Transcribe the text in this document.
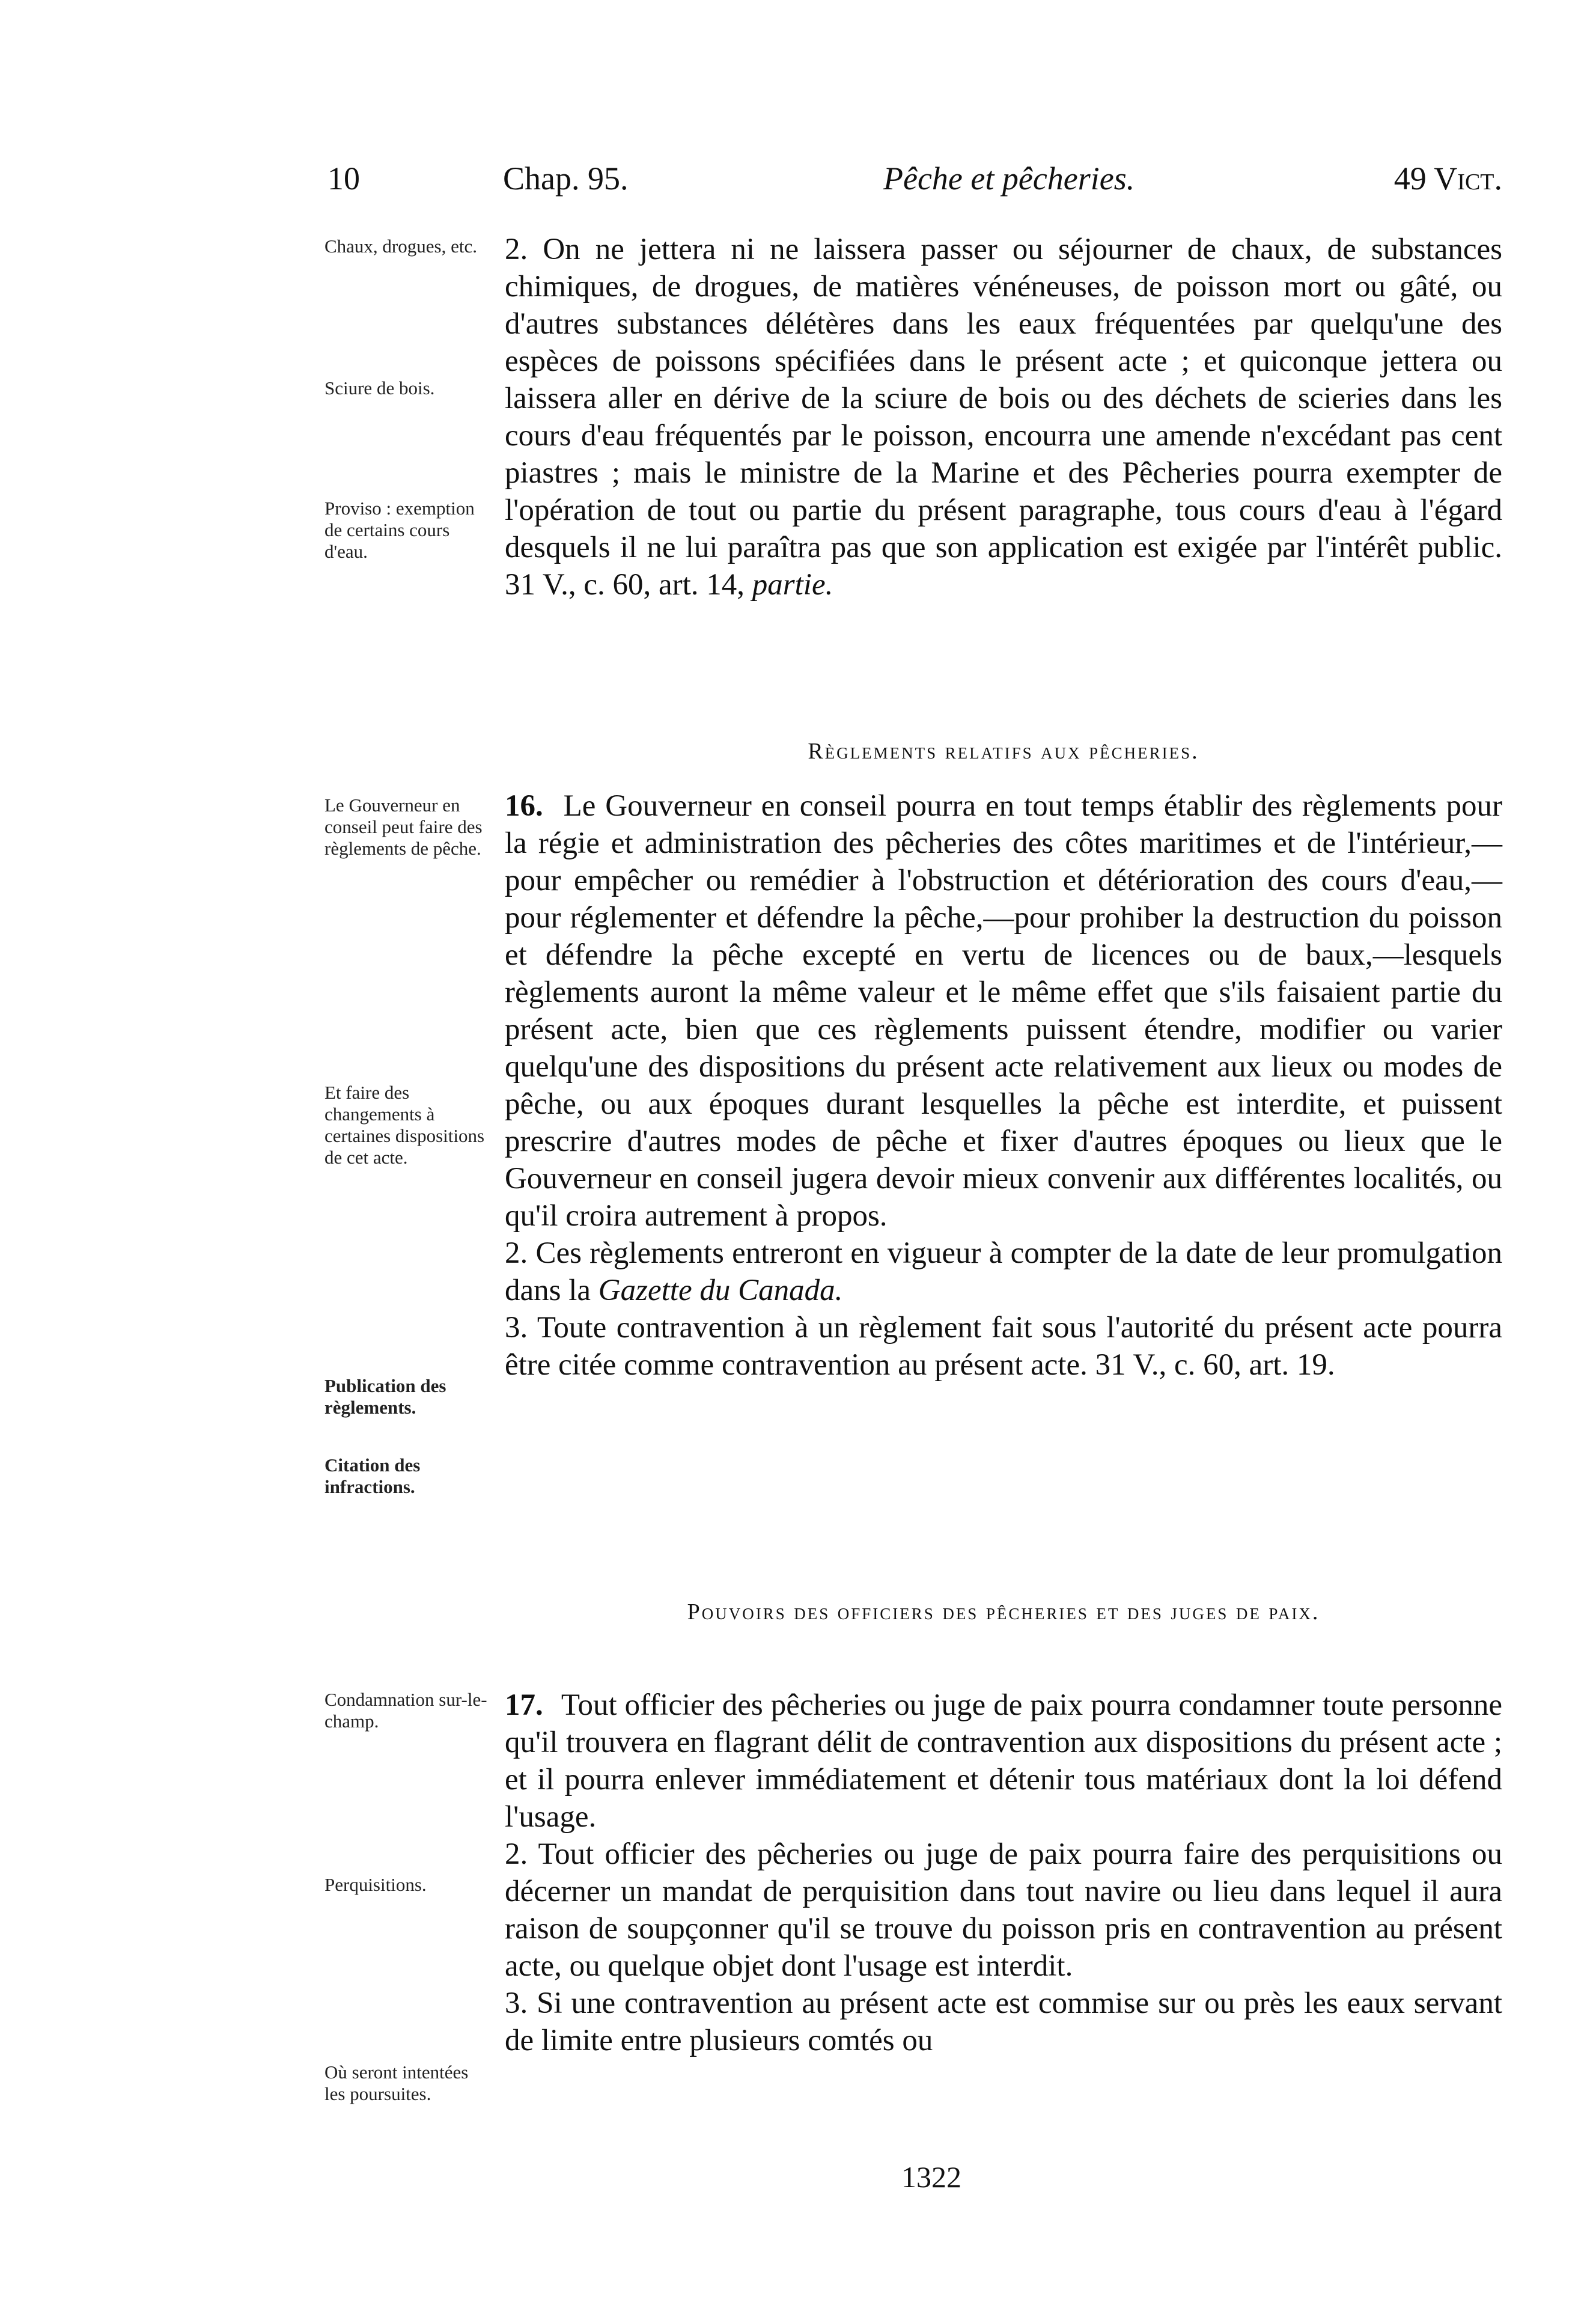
10	Chap. 95.	Pêche et pêcheries.	49 Vict.
Chaux, drogues, etc.
Sciure de bois.
Proviso : exemption de certains cours d'eau.
Le Gouverneur en conseil peut faire des règlements de pêche.
Et faire des changements à certaines dispositions de cet acte.
Publication des règlements.
Citation des infractions.
Condamnation sur-le-champ.
Perquisitions.
Où seront intentées les poursuites.

2. On ne jettera ni ne laissera passer ou séjourner de chaux, de substances chimiques, de drogues, de matières vénéneuses, de poisson mort ou gâté, ou d'autres substances délétères dans les eaux fréquentées par quelqu'une des espèces de poissons spécifiées dans le présent acte ; et quiconque jettera ou laissera aller en dérive de la sciure de bois ou des déchets de scieries dans les cours d'eau fréquentés par le poisson, encourra une amende n'excédant pas cent piastres ; mais le ministre de la Marine et des Pêcheries pourra exempter de l'opération de tout ou partie du présent paragraphe, tous cours d'eau à l'égard desquels il ne lui paraîtra pas que son application est exigée par l'intérêt public. 31 V., c. 60, art. 14, partie.

Règlements relatifs aux pêcheries.

16. Le Gouverneur en conseil pourra en tout temps établir des règlements pour la régie et administration des pêcheries des côtes maritimes et de l'intérieur,—pour empêcher ou remédier à l'obstruction et détérioration des cours d'eau,—pour réglementer et défendre la pêche,—pour prohiber la destruction du poisson et défendre la pêche excepté en vertu de licences ou de baux,—lesquels règlements auront la même valeur et le même effet que s'ils faisaient partie du présent acte, bien que ces règlements puissent étendre, modifier ou varier quelqu'une des dispositions du présent acte relativement aux lieux ou modes de pêche, ou aux époques durant lesquelles la pêche est interdite, et puissent prescrire d'autres modes de pêche et fixer d'autres époques ou lieux que le Gouverneur en conseil jugera devoir mieux convenir aux différentes localités, ou qu'il croira autrement à propos.

2. Ces règlements entreront en vigueur à compter de la date de leur promulgation dans la Gazette du Canada.

3. Toute contravention à un règlement fait sous l'autorité du présent acte pourra être citée comme contravention au présent acte. 31 V., c. 60, art. 19.

Pouvoirs des officiers des pêcheries et des juges de paix.

17. Tout officier des pêcheries ou juge de paix pourra condamner toute personne qu'il trouvera en flagrant délit de contravention aux dispositions du présent acte ; et il pourra enlever immédiatement et détenir tous matériaux dont la loi défend l'usage.

2. Tout officier des pêcheries ou juge de paix pourra faire des perquisitions ou décerner un mandat de perquisition dans tout navire ou lieu dans lequel il aura raison de soupçonner qu'il se trouve du poisson pris en contravention au présent acte, ou quelque objet dont l'usage est interdit.

3. Si une contravention au présent acte est commise sur ou près les eaux servant de limite entre plusieurs comtés ou

1322
